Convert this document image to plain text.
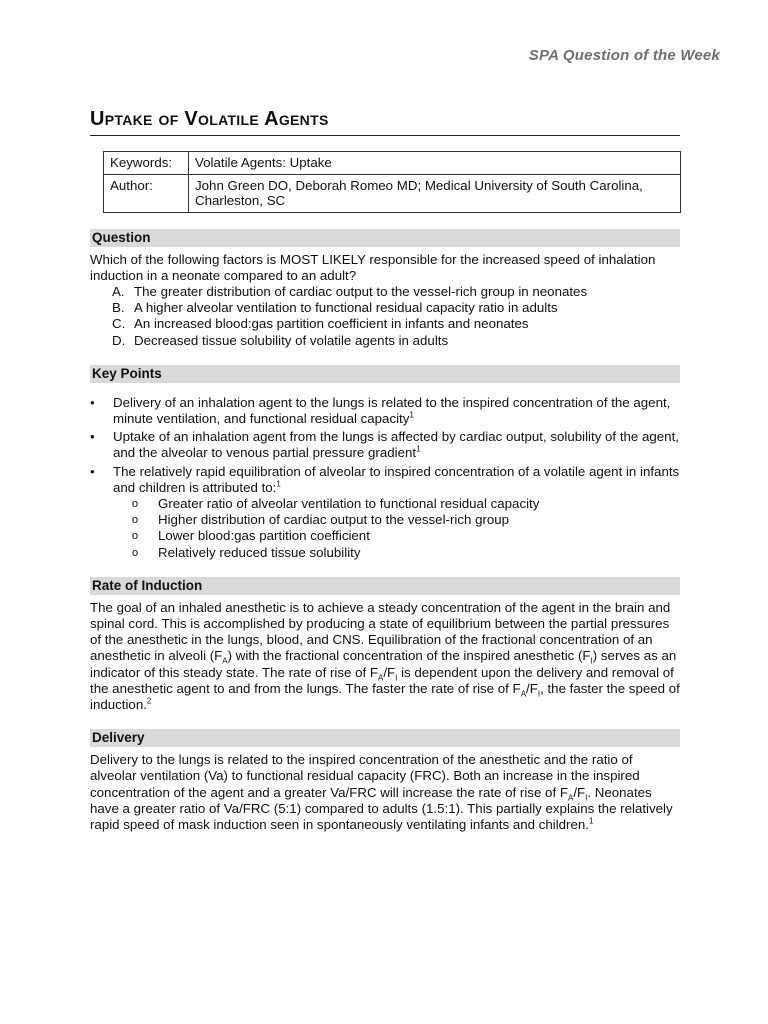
SPA Question of the Week
Uptake of Volatile Agents
Keywords:	Volatile Agents: Uptake
Author:	John Green DO, Deborah Romeo MD; Medical University of South Carolina, Charleston, SC
Question

Which of the following factors is MOST LIKELY responsible for the increased speed of inhalation induction in a neonate compared to an adult?

A. The greater distribution of cardiac output to the vessel-rich group in neonates
B. A higher alveolar ventilation to functional residual capacity ratio in adults
C. An increased blood:gas partition coefficient in infants and neonates
D. Decreased tissue solubility of volatile agents in adults
Key Points
•	Delivery of an inhalation agent to the lungs is related to the inspired concentration of the agent, minute ventilation, and functional residual capacity$^1$
•	Uptake of an inhalation agent from the lungs is affected by cardiac output, solubility of the agent, and the alveolar to venous partial pressure gradient$^1$
•	The relatively rapid equilibration of alveolar to inspired concentration of a volatile agent in infants and children is attributed to:$^1$
o	Greater ratio of alveolar ventilation to functional residual capacity
o	Higher distribution of cardiac output to the vessel-rich group
o	Lower blood:gas partition coefficient
o	Relatively reduced tissue solubility
Rate of Induction

The goal of an inhaled anesthetic is to achieve a steady concentration of the agent in the brain and spinal cord. This is accomplished by producing a state of equilibrium between the partial pressures of the anesthetic in the lungs, blood, and CNS. Equilibration of the fractional concentration of an anesthetic in alveoli $(F_A)$ with the fractional concentration of the inspired anesthetic $(F_I)$ serves as an indicator of this steady state. The rate of rise of $F_A/F_I$ is dependent upon the delivery and removal of the anesthetic agent to and from the lungs. The faster the rate of rise of $F_A/F_I$, the faster the speed of induction.$^2$

Delivery

Delivery to the lungs is related to the inspired concentration of the anesthetic and the ratio of alveolar ventilation (Va) to functional residual capacity (FRC). Both an increase in the inspired concentration of the agent and a greater Va/FRC will increase the rate of rise of $F_A/F_I$. Neonates have a greater ratio of Va/FRC (5:1) compared to adults (1.5:1). This partially explains the relatively rapid speed of mask induction seen in spontaneously ventilating infants and children.$^1$
